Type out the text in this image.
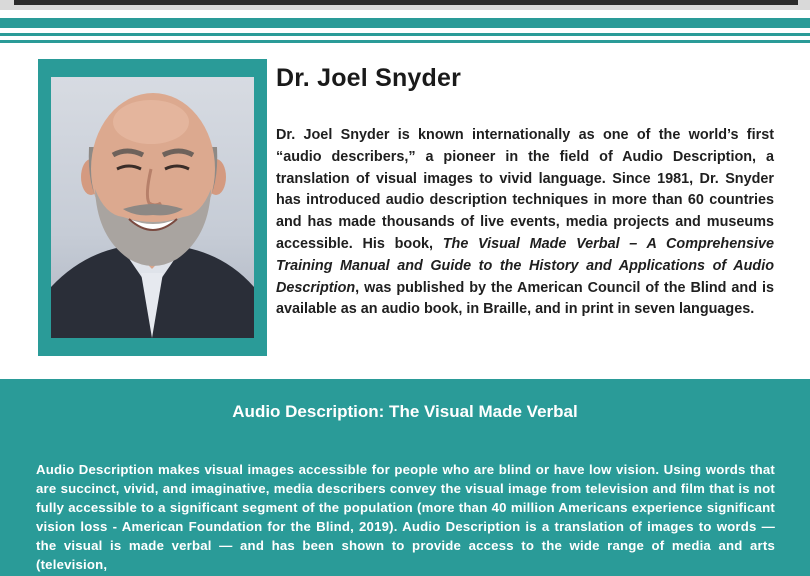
Dr. Joel Snyder

Dr. Joel Snyder is known internationally as one of the world’s first “audio describers,” a pioneer in the field of Audio Description, a translation of visual images to vivid language. Since 1981, Dr. Snyder has introduced audio description techniques in more than 60 countries and has made thousands of live events, media projects and museums accessible. His book, The Visual Made Verbal – A Comprehensive Training Manual and Guide to the History and Applications of Audio Description, was published by the American Council of the Blind and is available as an audio book, in Braille, and in print in seven languages.

Audio Description: The Visual Made Verbal

Audio Description makes visual images accessible for people who are blind or have low vision. Using words that are succinct, vivid, and imaginative, media describers convey the visual image from television and film that is not fully accessible to a significant segment of the population (more than 40 million Americans experience significant vision loss - American Foundation for the Blind, 2019). Audio Description is a translation of images to words — the visual is made verbal — and has been shown to provide access to the wide range of media and arts (television,
